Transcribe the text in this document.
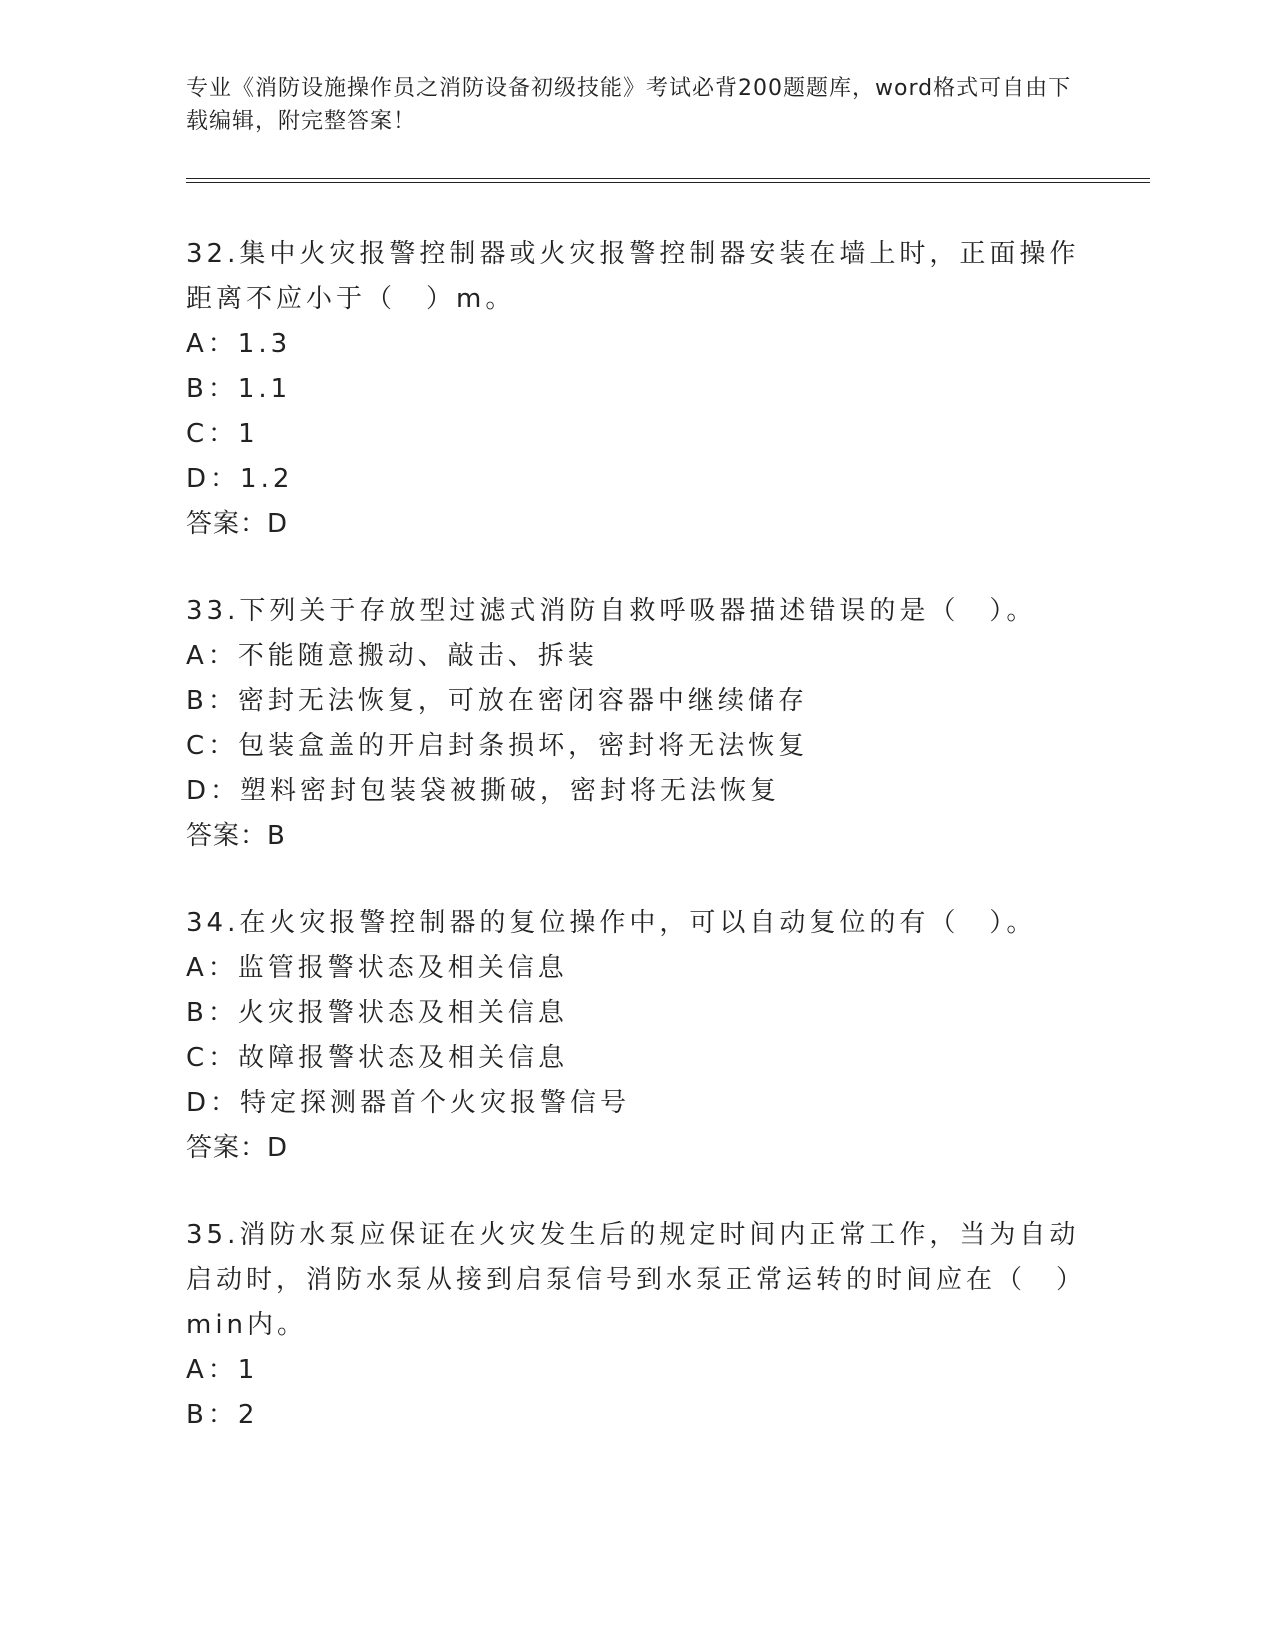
专业《消防设施操作员之消防设备初级技能》考试必背200题题库，word格式可自由下载编辑，附完整答案！
32.集中火灾报警控制器或火灾报警控制器安装在墙上时，正面操作距离不应小于（　）m。
A：1.3
B：1.1
C：1
D：1.2
答案：D
33.下列关于存放型过滤式消防自救呼吸器描述错误的是（　）。
A：不能随意搬动、敲击、拆装
B：密封无法恢复，可放在密闭容器中继续储存
C：包装盒盖的开启封条损坏，密封将无法恢复
D：塑料密封包装袋被撕破，密封将无法恢复
答案：B
34.在火灾报警控制器的复位操作中，可以自动复位的有（　）。
A：监管报警状态及相关信息
B：火灾报警状态及相关信息
C：故障报警状态及相关信息
D：特定探测器首个火灾报警信号
答案：D
35.消防水泵应保证在火灾发生后的规定时间内正常工作，当为自动启动时，消防水泵从接到启泵信号到水泵正常运转的时间应在（　）min内。
A：1
B：2
